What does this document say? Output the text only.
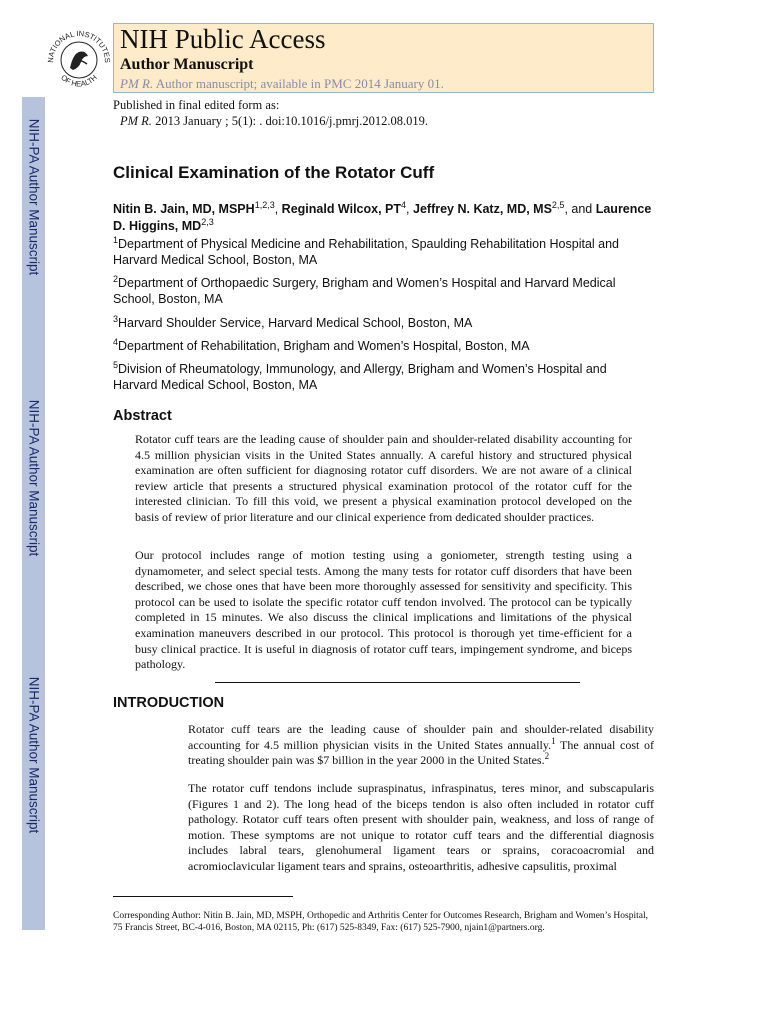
NIH-PA Author Manuscript
NIH-PA Author Manuscript
NIH-PA Author Manuscript
NATIONAL INSTITUTES
OF HEALTH
NIH Public Access
Author Manuscript
PM R. Author manuscript; available in PMC 2014 January 01.
Published in final edited form as:
PM R. 2013 January ; 5(1): . doi:10.1016/j.pmrj.2012.08.019.
Clinical Examination of the Rotator Cuff
Nitin B. Jain, MD, MSPH$^{1,2,3}$, Reginald Wilcox, $PT^4$, Jeffrey N. Katz, MD, MS$^{2,5}$, and Laurence D. Higgins, MD$^{2,3}$
$^1$Department of Physical Medicine and Rehabilitation, Spaulding Rehabilitation Hospital and Harvard Medical School, Boston, MA
$^2$Department of Orthopaedic Surgery, Brigham and Women’s Hospital and Harvard Medical School, Boston, MA
$^3$Harvard Shoulder Service, Harvard Medical School, Boston, MA
$^4$Department of Rehabilitation, Brigham and Women’s Hospital, Boston, MA
$^5$Division of Rheumatology, Immunology, and Allergy, Brigham and Women’s Hospital and Harvard Medical School, Boston, MA
Abstract
Rotator cuff tears are the leading cause of shoulder pain and shoulder-related disability accounting for 4.5 million physician visits in the United States annually. A careful history and structured physical examination are often sufficient for diagnosing rotator cuff disorders. We are not aware of a clinical review article that presents a structured physical examination protocol of the rotator cuff for the interested clinician. To fill this void, we present a physical examination protocol developed on the basis of review of prior literature and our clinical experience from dedicated shoulder practices.
Our protocol includes range of motion testing using a goniometer, strength testing using a dynamometer, and select special tests. Among the many tests for rotator cuff disorders that have been described, we chose ones that have been more thoroughly assessed for sensitivity and specificity. This protocol can be used to isolate the specific rotator cuff tendon involved. The protocol can be typically completed in 15 minutes. We also discuss the clinical implications and limitations of the physical examination maneuvers described in our protocol. This protocol is thorough yet time-efficient for a busy clinical practice. It is useful in diagnosis of rotator cuff tears, impingement syndrome, and biceps pathology.
INTRODUCTION
Rotator cuff tears are the leading cause of shoulder pain and shoulder-related disability accounting for 4.5 million physician visits in the United States annually.$^1$ The annual cost of treating shoulder pain was $7 billion in the year 2000 in the United States.$^2$
The rotator cuff tendons include supraspinatus, infraspinatus, teres minor, and subscapularis (Figures 1 and 2). The long head of the biceps tendon is also often included in rotator cuff pathology. Rotator cuff tears often present with shoulder pain, weakness, and loss of range of motion. These symptoms are not unique to rotator cuff tears and the differential diagnosis includes labral tears, glenohumeral ligament tears or sprains, coracoacromial and acromioclavicular ligament tears and sprains, osteoarthritis, adhesive capsulitis, proximal
Corresponding Author: Nitin B. Jain, MD, MSPH, Orthopedic and Arthritis Center for Outcomes Research, Brigham and Women’s Hospital, 75 Francis Street, BC-4-016, Boston, MA 02115, Ph: (617) 525-8349, Fax: (617) 525-7900, njain1@partners.org.
